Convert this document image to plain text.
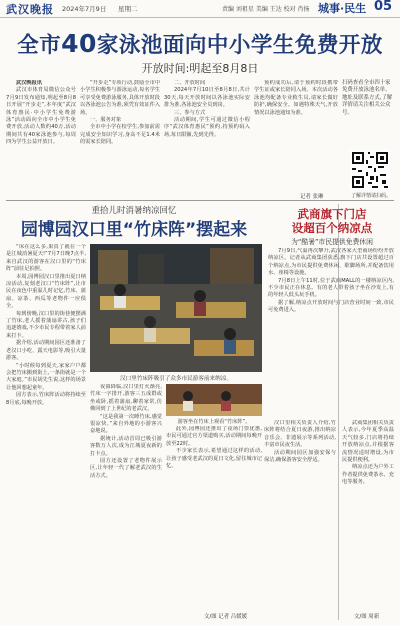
武汉晚报 2024年7月9日 星期二	责编 刘祖星 美编 王达 校对 肖扬 城事·民生 05
全市40家泳池面向中小学生免费开放
开放时间:明起至8月8日

武汉晚报讯

武汉市体育局微信公众号7月9日发布通知,明起至8月8日开展“开步走”,本年度“武汉体育惠民·中小学生免费游泳”活动面向全市中小学生免费开放,活动人数约40万,活动期间共有40家泳池参与,每周四为学生公益开放日。

“开步走”专项行动,鼓励全市中小学生积极参与游泳运动,每名学生可享受免费游泳服务,具体开放时段以各泳池公告为准,须凭有效证件入场。

一、服务对象

全市中小学在校学生,参加前需完成安全知识学习,身高不足1.4米的需家长陪同。

二、开放时间

2024年7月10日至8月8日,共计30天,每天开放时间以各泳池实际安排为准,各泳池安全员到岗。

三、参与方式

活动期间,学生可通过微信小程序“武汉体育惠民”预约,持预约码入场,每日限额,先到先得。

预约成功后,请于预约时段携带学生证或家长陪同入场。本次活动各泳池均配备专业救生员,请家长做好防护,确保安全。如遇特殊天气,开放情况以泳池通知为准。

扫码查看全市四十家免费开放泳池名单、地址及联系方式,了解详情请关注相关公众号。
记者 张琳	了解详情请扫码。
重拾儿时消暑纳凉回忆
园博园汉口里“竹床阵”摆起来

“床在这么多,果真了就在一个是江城消暑夏天!”7月7日晚7点半,来自武汉的游客在汉口里的“竹床阵”前驻足拍照。

本周,园博园汉口里推出夏日纳凉活动,复刻老汉口“竹床阵”,让市民在夜色中重温儿时记忆,竹床、蒲扇、凉茶、西瓜等老物件一应俱全。

每到傍晚,汉口里的街巷便摆满了竹床,老人摇着蒲扇讲古,孩子们追逐嬉戏,不少市民专程带着家人前来打卡。

据介绍,活动期间园区还准备了老汉口小吃、露天电影等,吸引大量游客。

“小时候每到夏天,家家户户都会把竹床搬到街上,一条街就是一个大家庭。”市民胡先生说,这样的场景让他回想起童年。

园方表示,竹床阵活动将持续至8月底,每晚开放。

汉口里竹床阵吸引了众多市民游客前来纳凉。

夜幕降临,汉口里灯火渐亮,竹床一字排开,游客三五成群或坐或卧,摇着蒲扇,聊着家常,仿佛回到了上世纪的老武汉。

“这是我第一次睡竹床,感觉很凉快。”来自外地的小游客兴奋地说。

据统计,活动首周已吸引游客数万人次,成为江城夏夜新的打卡点。

园方还设置了老物件展示区,让年轻一代了解老武汉的生活方式。

游客坐在竹床上观看“竹床阵”。

此外,园博园还推出了夜场门票优惠,市民可通过官方渠道购买,活动期间每晚开放至22时。

不少家长表示,希望通过这样的活动,让孩子感受老武汉的夏日文化,留住城市记忆。

汉口里相关负责人介绍,竹床阵将结合夏日夜游,推出纳凉音乐会、非遗展示等系列活动,丰富市民夜生活。

活动期间园区加强安保与保洁,确保游客安全舒适。

武商旗下门店
设超百个纳凉点
为“酷暑”市民提供免费休闲

7月9日,气温再次攀升,武汉各家大型商场纷纷开放纳凉区。记者从武商集团获悉,旗下门店共设置超过百个纳凉点,为市民提供免费休闲、歇脚场所,并配备饮用水、座椅等设施。

7月8日上午11时,位于武商MALL的一楼纳凉区内,不少市民正在休息。有的老人带着孩子坐在沙发上,有的年轻人低头玩手机。

据了解,纳凉点开放时间与门店营业时间一致,市民可免费进入。

武商集团相关负责人表示,今年夏季高温天气较多,门店将持续开放纳凉点,并根据客流情况适时增设,为市民提供便利。

纳凉点还为户外工作者提供免费茶水、充电等服务。

文/图 记者 吕媛媛	文/图 周新
